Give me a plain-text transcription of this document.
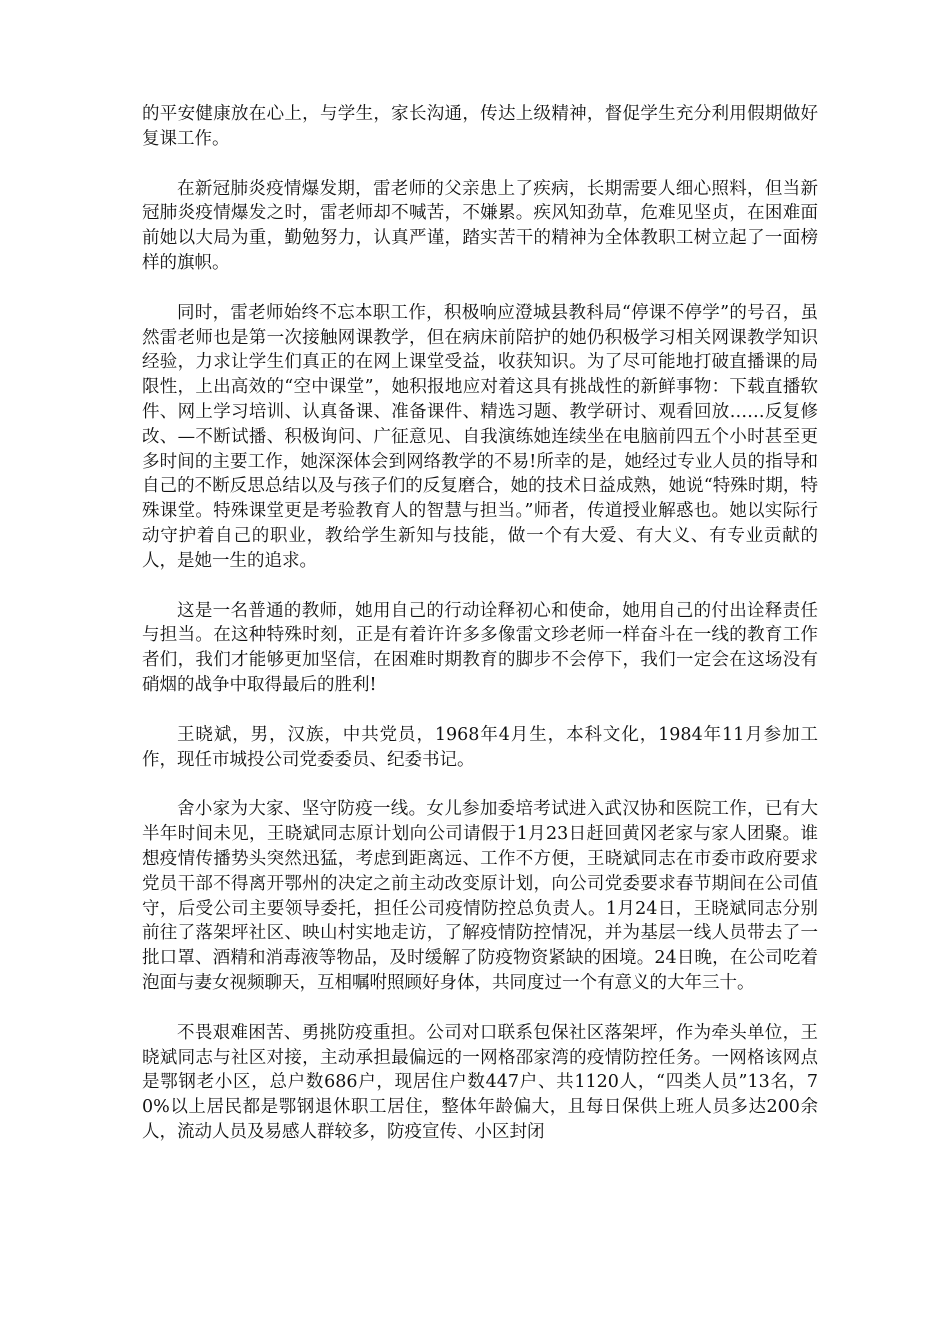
的平安健康放在心上，与学生，家长沟通，传达上级精神，督促学生充分利用假期做好复课工作。

在新冠肺炎疫情爆发期，雷老师的父亲患上了疾病，长期需要人细心照料，但当新冠肺炎疫情爆发之时，雷老师却不喊苦，不嫌累。疾风知劲草，危难见坚贞，在困难面前她以大局为重，勤勉努力，认真严谨，踏实苦干的精神为全体教职工树立起了一面榜样的旗帜。

同时，雷老师始终不忘本职工作，积极响应澄城县教科局“停课不停学”的号召，虽然雷老师也是第一次接触网课教学，但在病床前陪护的她仍积极学习相关网课教学知识经验，力求让学生们真正的在网上课堂受益，收获知识。为了尽可能地打破直播课的局限性，上出高效的“空中课堂”，她积报地应对着这具有挑战性的新鲜事物：下载直播软件、网上学习培训、认真备课、准备课件、精选习题、教学研讨、观看回放……反复修改、—不断试播、积极询问、广征意见、自我演练她连续坐在电脑前四五个小时甚至更多时间的主要工作，她深深体会到网络教学的不易!所幸的是，她经过专业人员的指导和自己的不断反思总结以及与孩子们的反复磨合，她的技术日益成熟，她说“特殊时期，特殊课堂。特殊课堂更是考验教育人的智慧与担当。”师者，传道授业解惑也。她以实际行动守护着自己的职业，教给学生新知与技能，做一个有大爱、有大义、有专业贡献的人，是她一生的追求。

这是一名普通的教师，她用自己的行动诠释初心和使命，她用自己的付出诠释责任与担当。在这种特殊时刻，正是有着许许多多像雷文珍老师一样奋斗在一线的教育工作者们，我们才能够更加坚信，在困难时期教育的脚步不会停下，我们一定会在这场没有硝烟的战争中取得最后的胜利!

王晓斌，男，汉族，中共党员，1968年4月生，本科文化，1984年11月参加工作，现任市城投公司党委委员、纪委书记。

舍小家为大家、坚守防疫一线。女儿参加委培考试进入武汉协和医院工作，已有大半年时间未见，王晓斌同志原计划向公司请假于1月23日赶回黄冈老家与家人团聚。谁想疫情传播势头突然迅猛，考虑到距离远、工作不方便，王晓斌同志在市委市政府要求党员干部不得离开鄂州的决定之前主动改变原计划，向公司党委要求春节期间在公司值守，后受公司主要领导委托，担任公司疫情防控总负责人。1月24日，王晓斌同志分别前往了落架坪社区、映山村实地走访，了解疫情防控情况，并为基层一线人员带去了一批口罩、酒精和消毒液等物品，及时缓解了防疫物资紧缺的困境。24日晚，在公司吃着泡面与妻女视频聊天，互相嘱咐照顾好身体，共同度过一个有意义的大年三十。

不畏艰难困苦、勇挑防疫重担。公司对口联系包保社区落架坪，作为牵头单位，王晓斌同志与社区对接，主动承担最偏远的一网格邵家湾的疫情防控任务。一网格该网点是鄂钢老小区，总户数686户，现居住户数447户、共1120人，“四类人员”13名，70%以上居民都是鄂钢退休职工居住，整体年龄偏大，且每日保供上班人员多达200余人，流动人员及易感人群较多，防疫宣传、小区封闭
